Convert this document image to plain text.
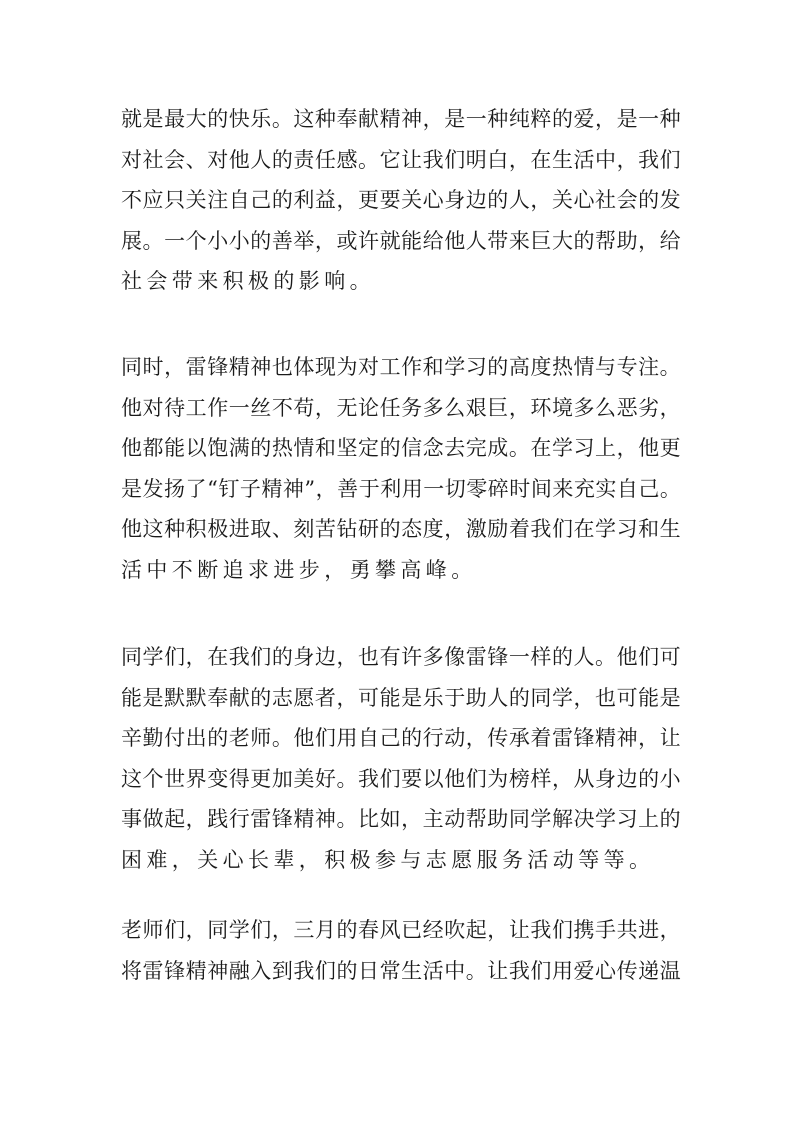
就 是 最 大 的 快 乐 。 这 种 奉 献 精 神 ， 是 一 种 纯 粹 的 爱 ， 是 一 种
对 社 会 、 对 他 人 的 责 任 感 。 它 让 我 们 明 白 ， 在 生 活 中 ， 我 们
不 应 只 关 注 自 己 的 利 益 ， 更 要 关 心 身 边 的 人 ， 关 心 社 会 的 发
展 。 一 个 小 小 的 善 举 ， 或 许 就 能 给 他 人 带 来 巨 大 的 帮 助 ， 给
社会带来积极的影响。
同 时 ， 雷 锋 精 神 也 体 现 为 对 工 作 和 学 习 的 高 度 热 情 与 专 注 。
他 对 待 工 作 一 丝 不 苟 ， 无 论 任 务 多 么 艰 巨 ， 环 境 多 么 恶 劣 ，
他 都 能 以 饱 满 的 热 情 和 坚 定 的 信 念 去 完 成 。 在 学 习 上 ， 他 更
是 发 扬 了 “ 钉 子 精 神 ” ， 善 于 利 用 一 切 零 碎 时 间 来 充 实 自 己 。
他 这 种 积 极 进 取 、 刻 苦 钻 研 的 态 度 ， 激 励 着 我 们 在 学 习 和 生
活中不断追求进步，勇攀高峰。
同 学 们 ， 在 我 们 的 身 边 ， 也 有 许 多 像 雷 锋 一 样 的 人 。 他 们 可
能 是 默 默 奉 献 的 志 愿 者 ， 可 能 是 乐 于 助 人 的 同 学 ， 也 可 能 是
辛 勤 付 出 的 老 师 。 他 们 用 自 己 的 行 动 ， 传 承 着 雷 锋 精 神 ， 让
这 个 世 界 变 得 更 加 美 好 。 我 们 要 以 他 们 为 榜 样 ， 从 身 边 的 小
事 做 起 ， 践 行 雷 锋 精 神 。 比 如 ， 主 动 帮 助 同 学 解 决 学 习 上 的
困难，关心长辈，积极参与志愿服务活动等等。
老 师 们 ， 同 学 们 ， 三 月 的 春 风 已 经 吹 起 ， 让 我 们 携 手 共 进 ，
将 雷 锋 精 神 融 入 到 我 们 的 日 常 生 活 中 。 让 我 们 用 爱 心 传 递 温
